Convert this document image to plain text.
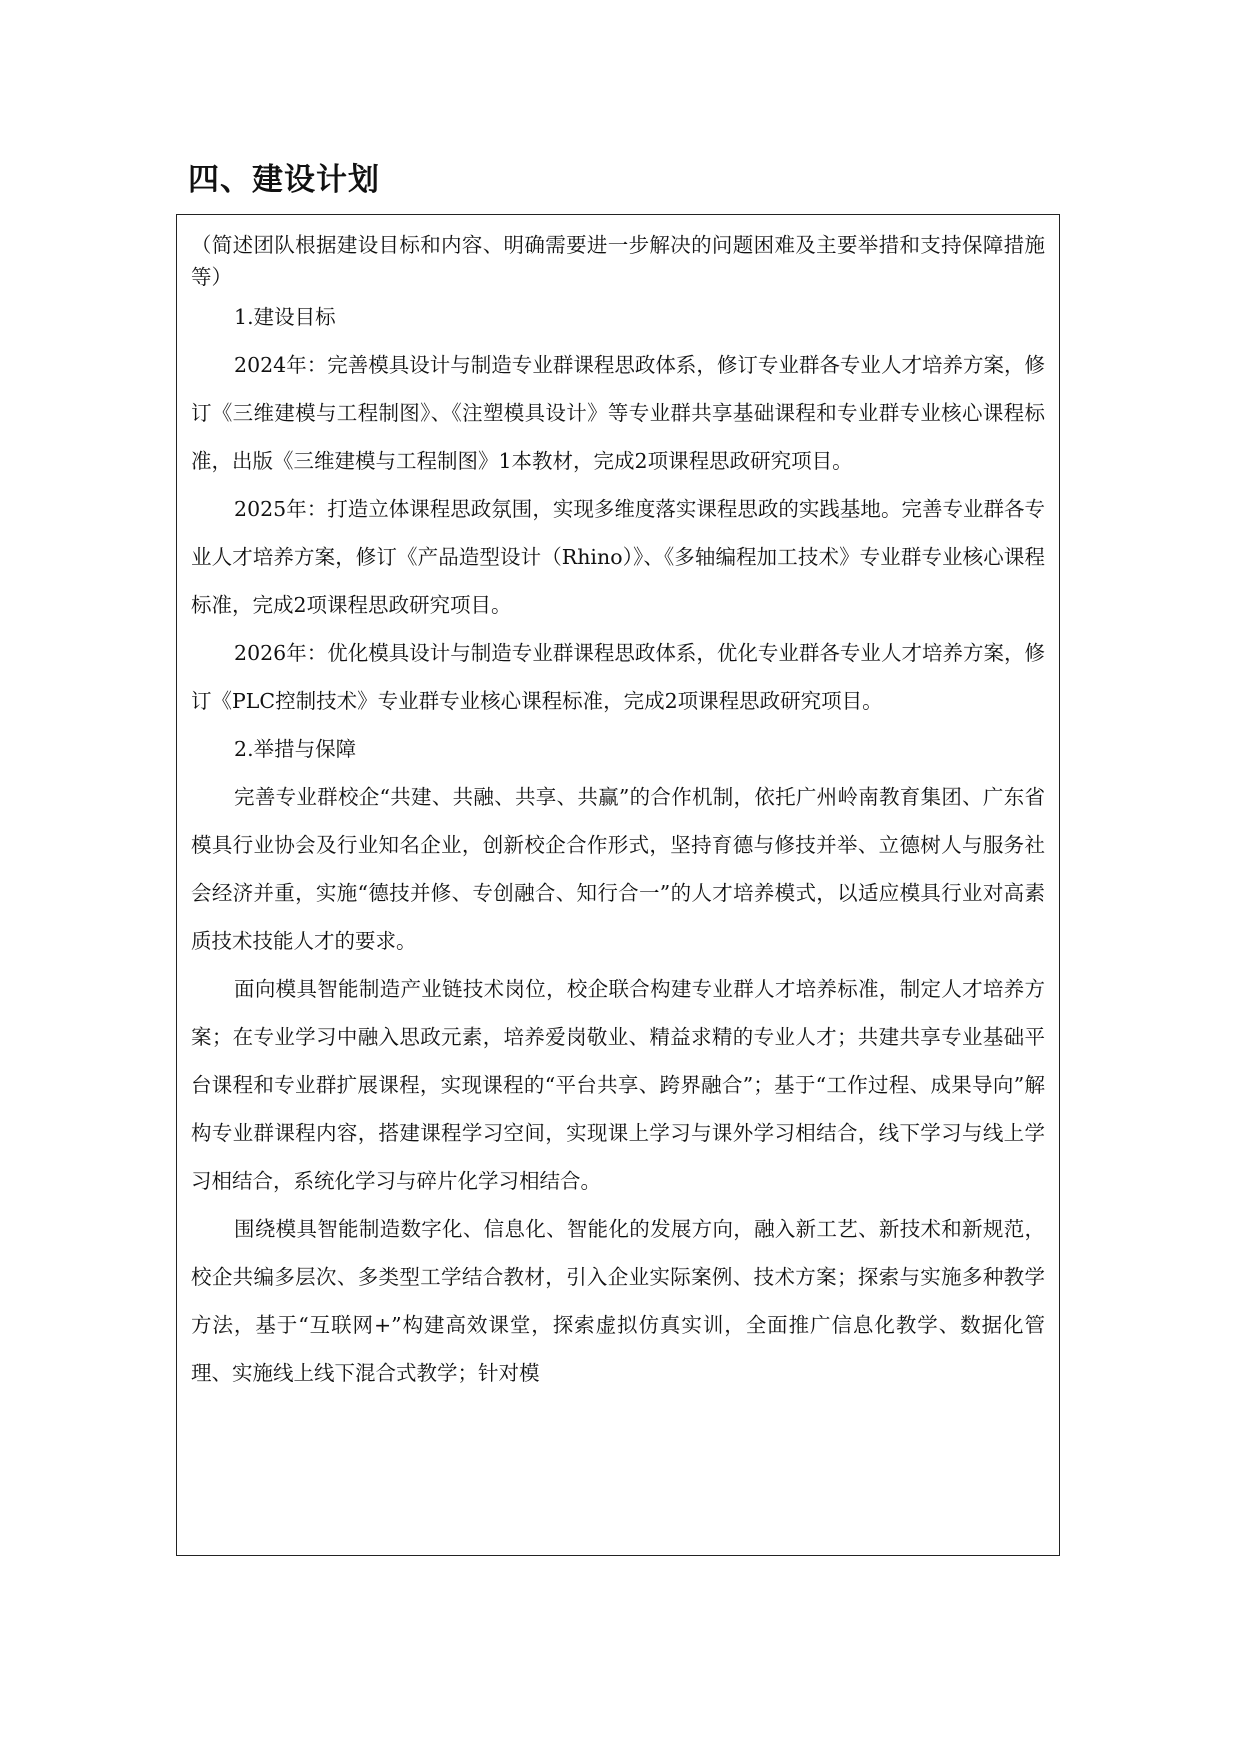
四、建设计划

（简述团队根据建设目标和内容、明确需要进一步解决的问题困难及主要举措和支持保障措施等）

1.建设目标

2024年：完善模具设计与制造专业群课程思政体系，修订专业群各专业人才培养方案，修订《三维建模与工程制图》、《注塑模具设计》等专业群共享基础课程和专业群专业核心课程标准，出版《三维建模与工程制图》1本教材，完成2项课程思政研究项目。

2025年：打造立体课程思政氛围，实现多维度落实课程思政的实践基地。完善专业群各专业人才培养方案，修订《产品造型设计（Rhino）》、《多轴编程加工技术》专业群专业核心课程标准，完成2项课程思政研究项目。

2026年：优化模具设计与制造专业群课程思政体系，优化专业群各专业人才培养方案，修订《PLC控制技术》专业群专业核心课程标准，完成2项课程思政研究项目。

2.举措与保障

完善专业群校企“共建、共融、共享、共赢”的合作机制，依托广州岭南教育集团、广东省模具行业协会及行业知名企业，创新校企合作形式，坚持育德与修技并举、立德树人与服务社会经济并重，实施“德技并修、专创融合、知行合一”的人才培养模式，以适应模具行业对高素质技术技能人才的要求。

面向模具智能制造产业链技术岗位，校企联合构建专业群人才培养标准，制定人才培养方案；在专业学习中融入思政元素，培养爱岗敬业、精益求精的专业人才；共建共享专业基础平台课程和专业群扩展课程，实现课程的“平台共享、跨界融合”；基于“工作过程、成果导向”解构专业群课程内容，搭建课程学习空间，实现课上学习与课外学习相结合，线下学习与线上学习相结合，系统化学习与碎片化学习相结合。

围绕模具智能制造数字化、信息化、智能化的发展方向，融入新工艺、新技术和新规范，校企共编多层次、多类型工学结合教材，引入企业实际案例、技术方案；探索与实施多种教学方法，基于“互联网+”构建高效课堂，探索虚拟仿真实训，全面推广信息化教学、数据化管理、实施线上线下混合式教学；针对模
